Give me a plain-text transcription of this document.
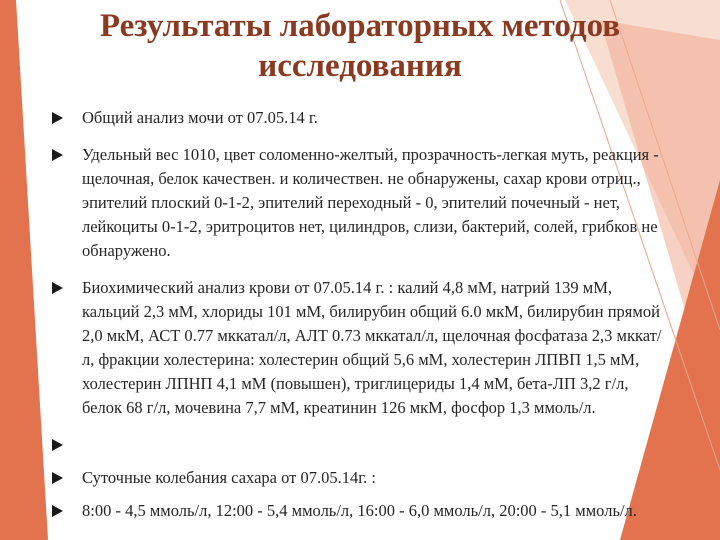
Результаты лабораторных методов
исследования

Общий анализ мочи от 07.05.14 г.

Удельный вес 1010, цвет соломенно-желтый, прозрачность-легкая муть, реакция - щелочная, белок качествен. и количествен. не обнаружены, сахар крови отриц., эпителий плоский 0-1-2, эпителий переходный - 0, эпителий почечный - нет, лейкоциты 0-1-2, эритроцитов нет, цилиндров, слизи, бактерий, солей, грибков не обнаружено.

Биохимический анализ крови от 07.05.14 г. : калий 4,8 мМ, натрий 139 мМ, кальций 2,3 мМ, хлориды 101 мМ, билирубин общий 6.0 мкМ, билирубин прямой 2,0 мкМ, АСТ 0.77 мккатал/л, АЛТ 0.73 мккатал/л, щелочная фосфатаза 2,3 мккат/л, фракции холестерина: холестерин общий 5,6 мМ, холестерин ЛПВП 1,5 мМ, холестерин ЛПНП 4,1 мМ (повышен), триглицериды 1,4 мМ, бета-ЛП 3,2 г/л, белок 68 г/л, мочевина 7,7 мМ, креатинин 126 мкМ, фосфор 1,3 ммоль/л.

Суточные колебания сахара от 07.05.14г. :

8:00 - 4,5 ммоль/л, 12:00 - 5,4 ммоль/л, 16:00 - 6,0 ммоль/л, 20:00 - 5,1 ммоль/л.
